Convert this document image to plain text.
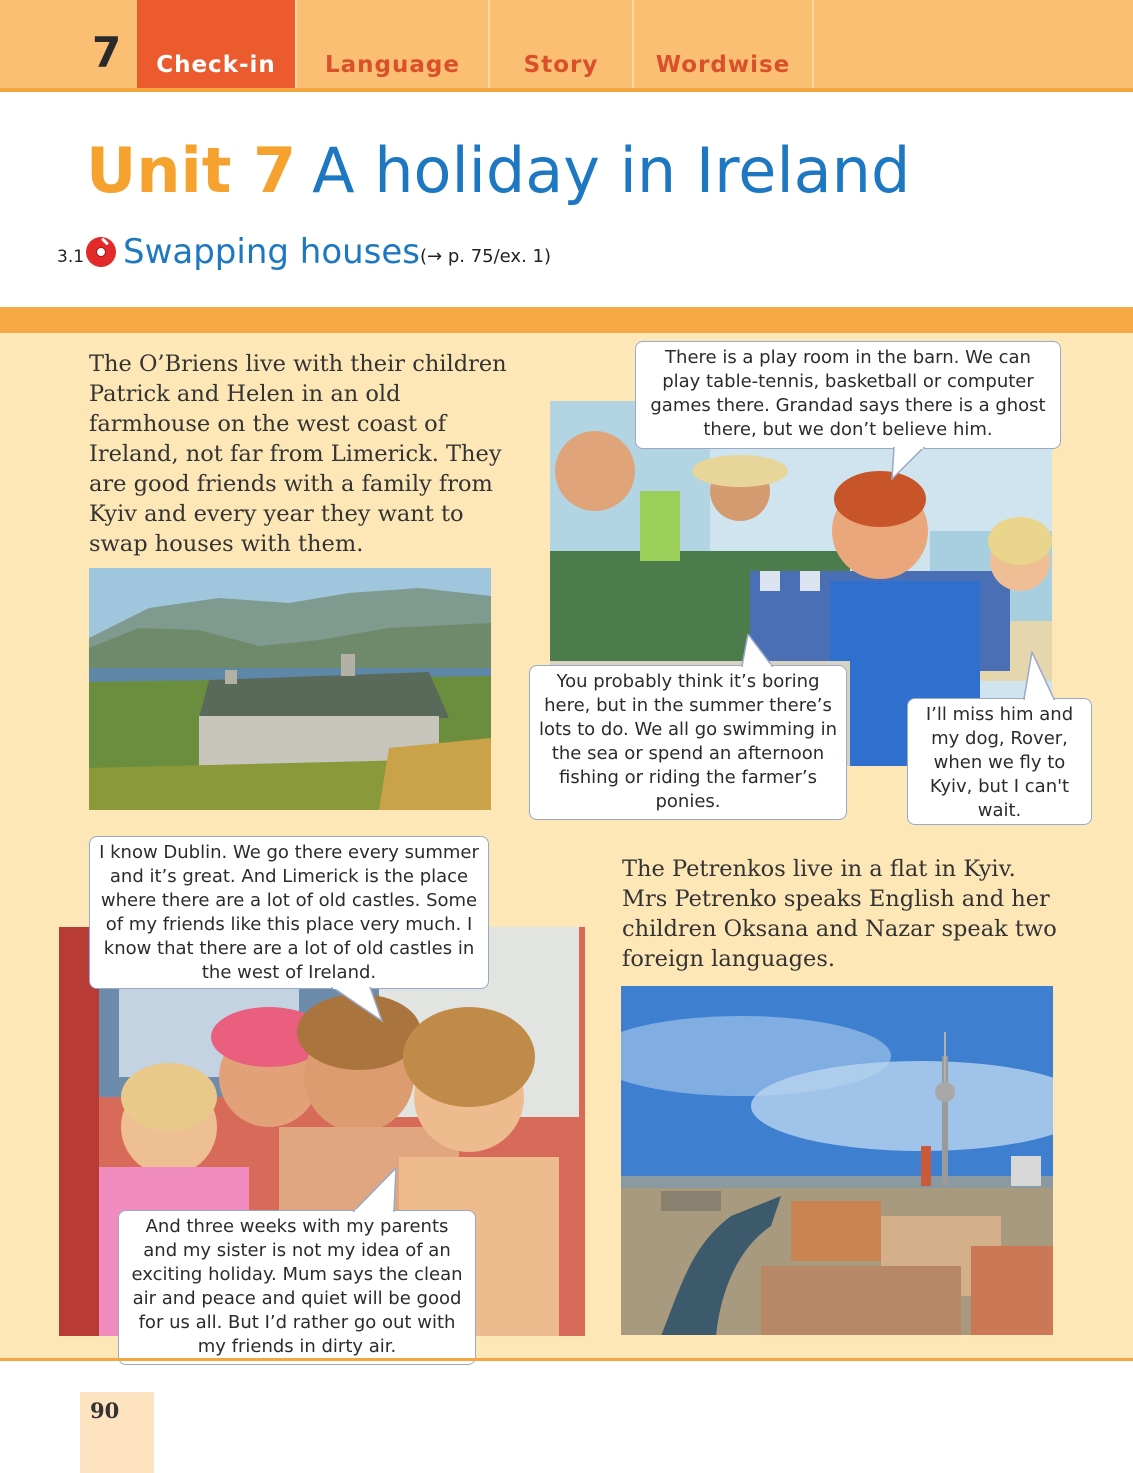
7	Check-in	Language	Story	Wordwise
Unit 7 A holiday in Ireland
3.1 Swapping houses (→ p. 75/ex. 1)

The O’Briens live with their children Patrick and Helen in an old farmhouse on the west coast of Ireland, not far from Limerick. They are good friends with a family from Kyiv and every year they want to swap houses with them.

There is a play room in the barn. We can play table-tennis, basketball or computer games there. Grandad says there is a ghost there, but we don’t believe him.
You probably think it’s boring here, but in the summer there’s lots to do. We all go swimming in the sea or spend an afternoon fishing or riding the farmer’s ponies.
I’ll miss him and my dog, Rover, when we fly to Kyiv, but I can't wait.

The Petrenkos live in a flat in Kyiv. Mrs Petrenko speaks English and her children Oksana and Nazar speak two foreign languages.

I know Dublin. We go there every summer and it’s great. And Limerick is the place where there are a lot of old castles. Some of my friends like this place very much. I know that there are a lot of old castles in the west of Ireland.
And three weeks with my parents and my sister is not my idea of an exciting holiday. Mum says the clean air and peace and quiet will be good for us all. But I’d rather go out with my friends in dirty air.
90
